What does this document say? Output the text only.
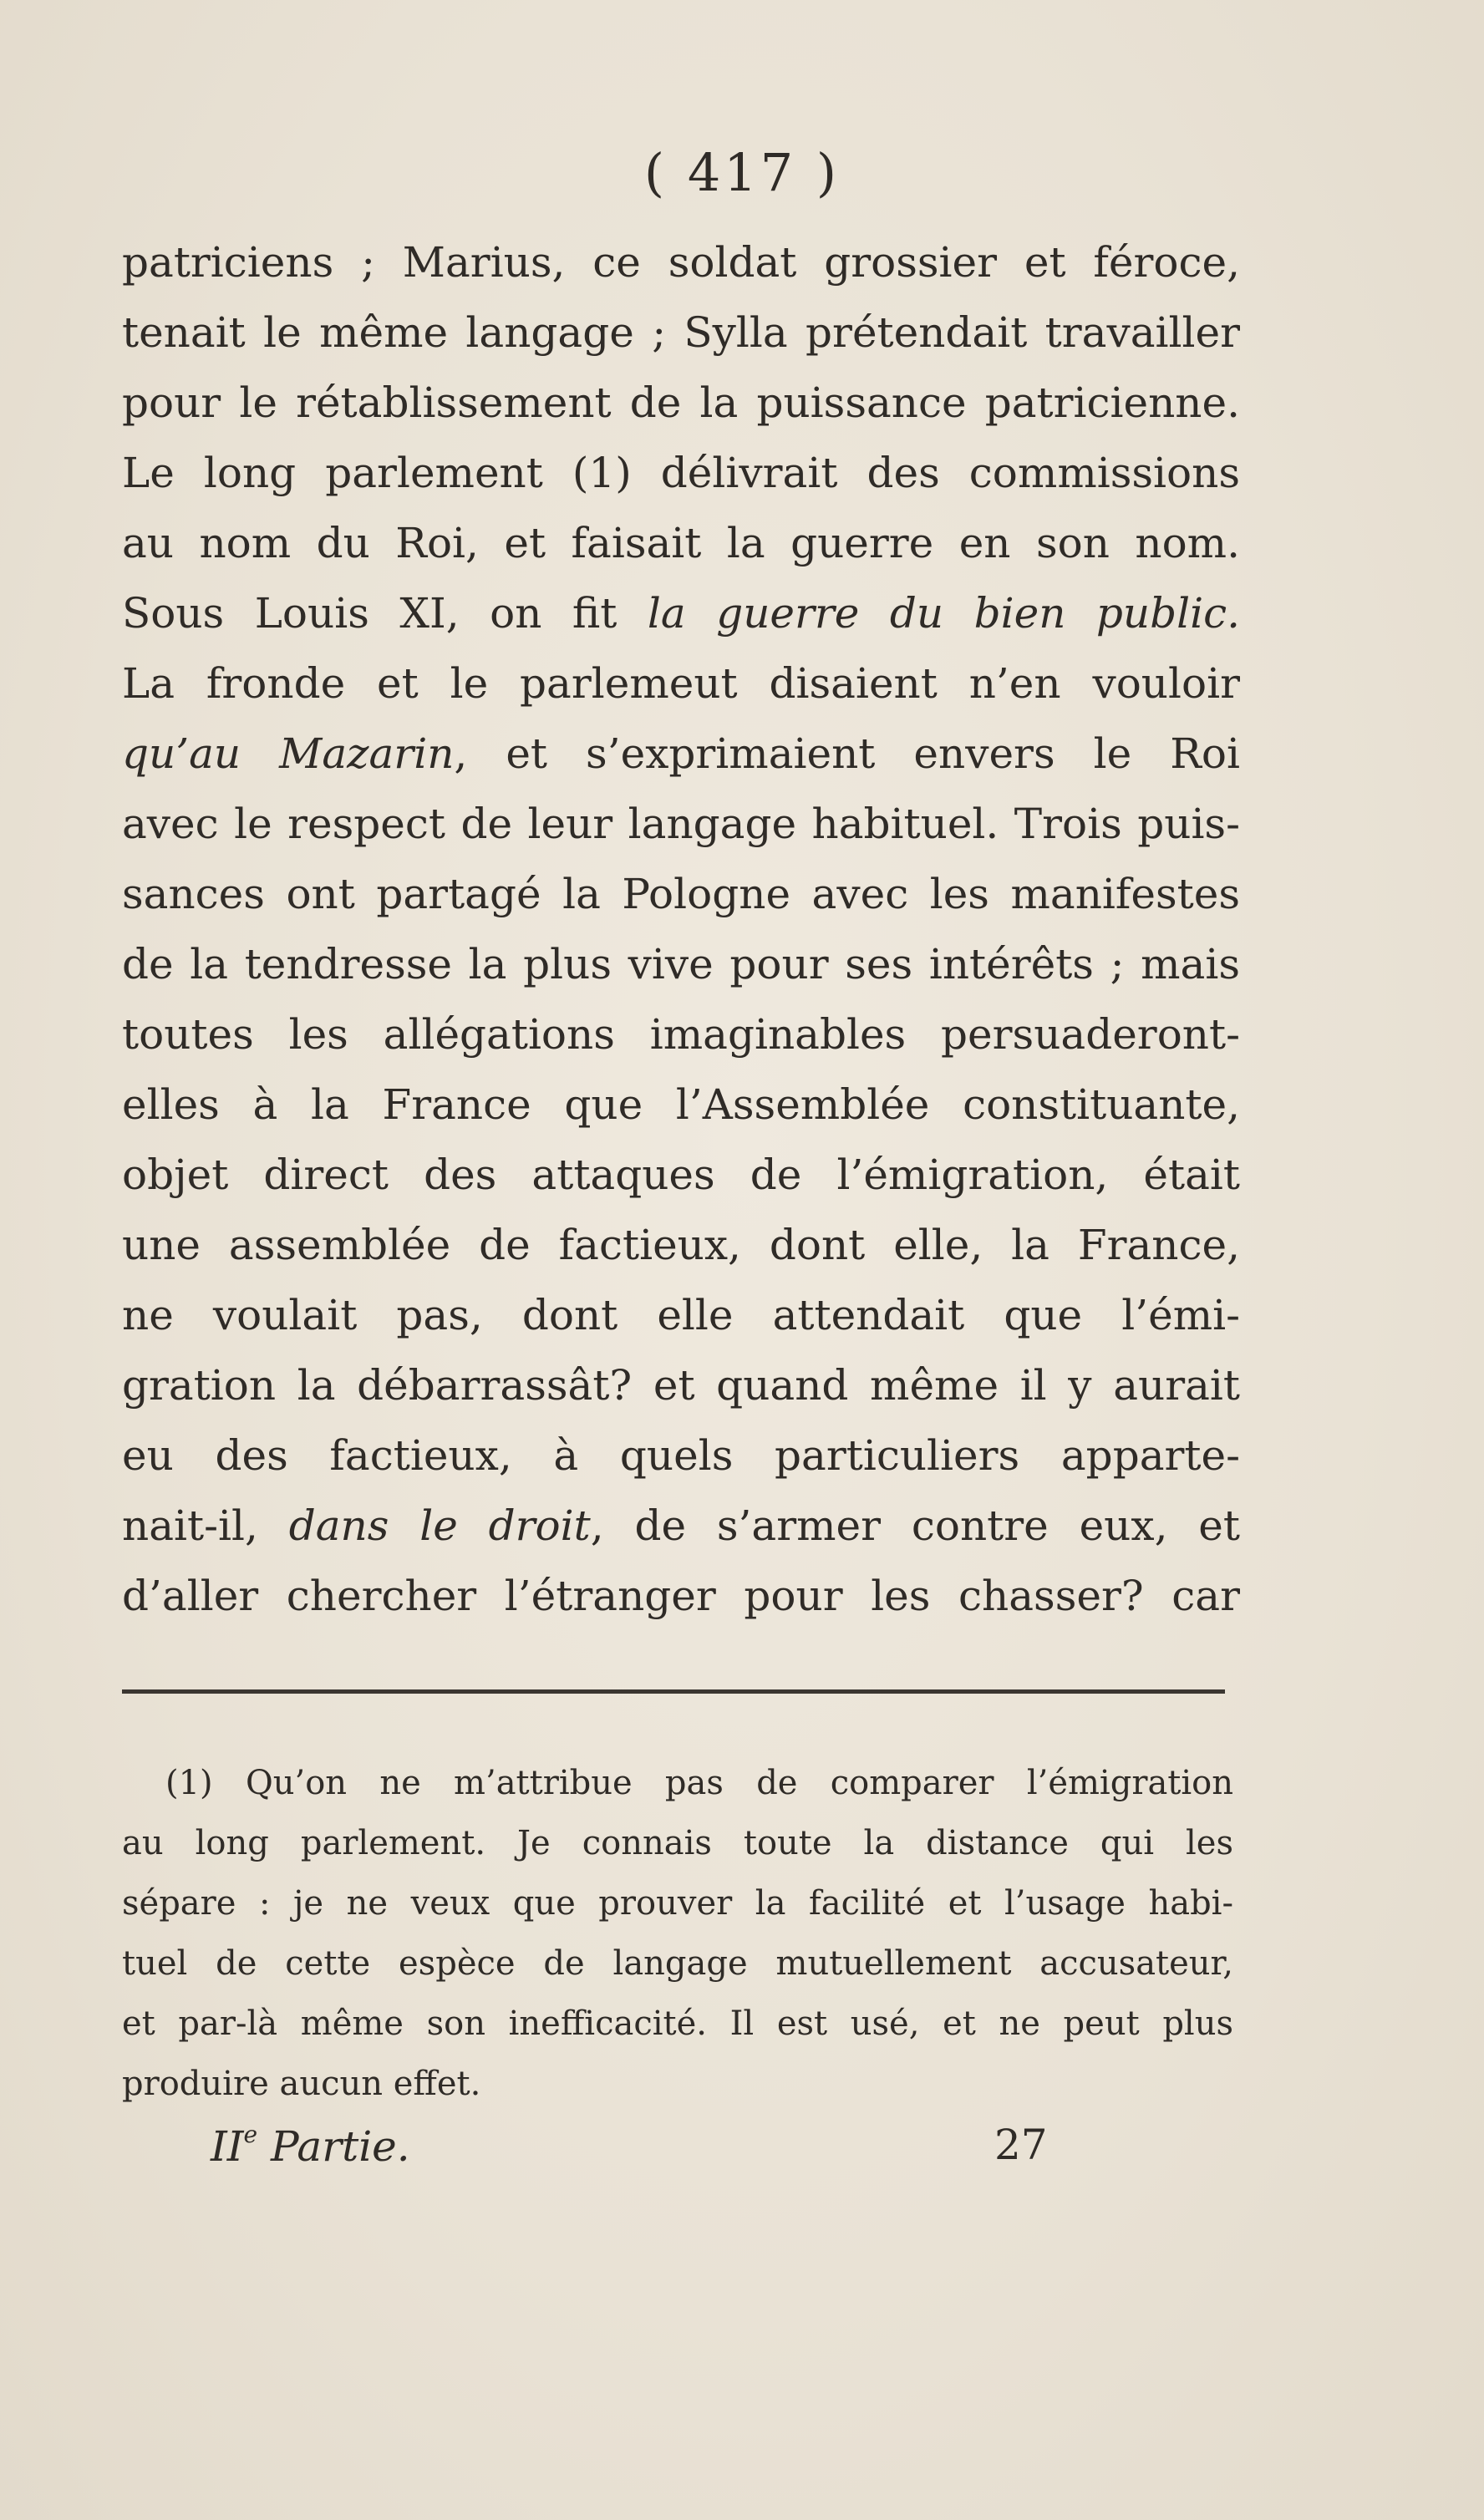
( 417 )
patriciens ; Marius, ce soldat grossier et féroce,
tenait le même langage ; Sylla prétendait travailler
pour le rétablissement de la puissance patricienne.
Le long parlement (1) délivrait des commissions
au nom du Roi, et faisait la guerre en son nom.
Sous Louis XI, on fit la guerre du bien public.
La fronde et le parlemeut disaient n’en vouloir
qu’au Mazarin, et s’exprimaient envers le Roi
avec le respect de leur langage habituel. Trois puis-
sances ont partagé la Pologne avec les manifestes
de la tendresse la plus vive pour ses intérêts ; mais
toutes les allégations imaginables persuaderont-
elles à la France que l’Assemblée constituante,
objet direct des attaques de l’émigration, était
une assemblée de factieux, dont elle, la France,
ne voulait pas, dont elle attendait que l’émi-
gration la débarrassât? et quand même il y aurait
eu des factieux, à quels particuliers apparte-
nait-il, dans le droit, de s’armer contre eux, et
d’aller chercher l’étranger pour les chasser? car
(1) Qu’on ne m’attribue pas de comparer l’émigration
au long parlement. Je connais toute la distance qui les
sépare : je ne veux que prouver la facilité et l’usage habi-
tuel de cette espèce de langage mutuellement accusateur,
et par-là même son inefficacité. Il est usé, et ne peut plus
produire aucun effet.
IIe Partie.	27
